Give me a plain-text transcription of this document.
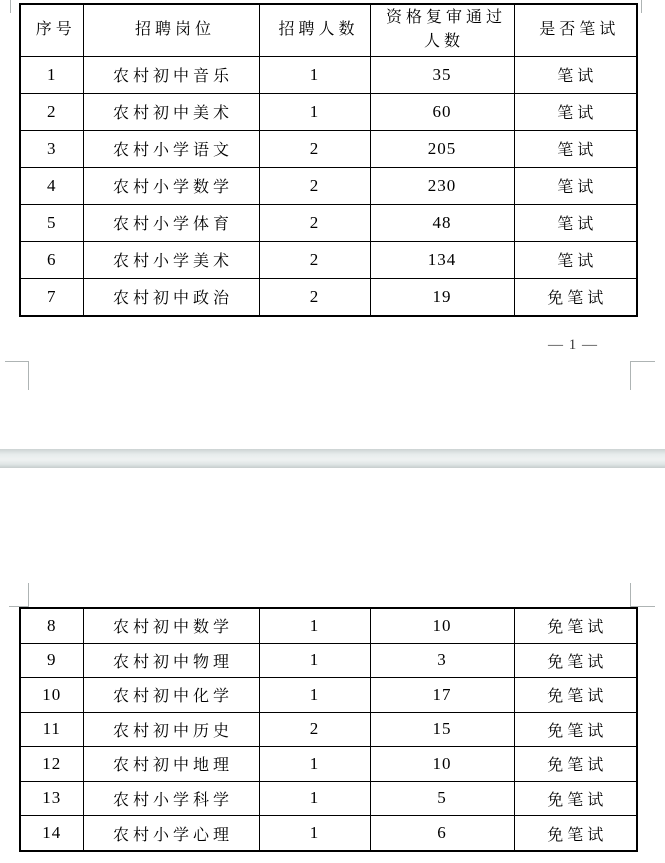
序号	招聘岗位	招聘人数	资格复审通过人数	是否笔试
1	农村初中音乐	1	35	笔试
2	农村初中美术	1	60	笔试
3	农村小学语文	2	205	笔试
4	农村小学数学	2	230	笔试
5	农村小学体育	2	48	笔试
6	农村小学美术	2	134	笔试
7	农村初中政治	2	19	免笔试
— 1 —
8	农村初中数学	1	10	免笔试
9	农村初中物理	1	3	免笔试
10	农村初中化学	1	17	免笔试
11	农村初中历史	2	15	免笔试
12	农村初中地理	1	10	免笔试
13	农村小学科学	1	5	免笔试
14	农村小学心理	1	6	免笔试
